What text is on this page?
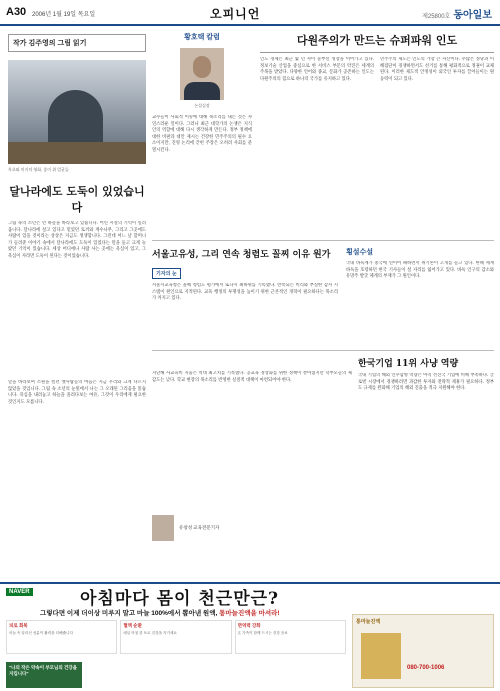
A30 2006년 1월 19일 목요일	오피니언	제25800호 동아일보
작가 김주영의 그림 읽기
흑초와 미키의 영화, 종이 위 얼굴들
달나라에도 도둑이 있었습니다
그림 속의 소년은 먼 하늘을 바라보고 있습니다. 어린 시절의 기억이 밀려옵니다. 달나라에 살고 있다고 믿었던 토끼와 계수나무, 그리고 그곳에도 사람이 있을 것이라는 상상은 지금도 생생합니다. 그런데 어느 날 할머니가 들려준 이야기 속에서 달나라에도 도둑이 있었다는 말을 듣고 크게 놀랐던 기억이 있습니다. 세상 어디에나 사람 사는 곳에는 욕심이 있고, 그 욕심이 자라면 도둑이 된다는 것이었습니다.
달을 바라보며 소원을 빌던 옛사람들의 마음은 지금 우리와 크게 다르지 않았을 것입니다. 그림 속 소년의 눈빛에서 나는 그 오래된 그리움을 읽습니다. 욕심을 내려놓고 하늘을 올려다보는 여유, 그것이 우리에게 필요한 것인지도 모릅니다.
황호택 칼럼
논설실장
교수들이 사회적 이슈에 대해 목소리를 내는 것은 자연스러운 일이다. 그러나 최근 대학가의 논쟁은 지식인의 역할에 대해 다시 생각하게 만든다. 정부 정책에 대한 비판과 대안 제시는 건강한 민주주의의 필수 요소이지만, 진영 논리에 갇힌 주장은 오히려 사회를 분열시킨다.
다원주의가 만드는 슈퍼파워 인도
인도 경제는 최근 몇 년 사이 눈부신 성장을 이어가고 있다. 정보기술 산업을 중심으로 한 서비스 부문의 약진은 세계의 주목을 받았다. 다양한 언어와 종교, 문화가 공존하는 인도는 다원주의의 힘으로 하나의 국가를 유지하고 있다.
민주주의 제도는 인도의 가장 큰 자산이다. 수많은 정당과 이해집단이 경쟁하면서도 선거를 통해 평화적으로 정권이 교체된다. 이러한 제도적 안정성이 외국인 투자를 끌어들이는 원동력이 되고 있다.
서울고유성, 그리 연속 청렴도 꼴찌 이유 원가
기자의 눈
서울시교육청은 올해 청렴도 평가에서 또다시 최하위를 기록했다. 반복되는 비리와 부실한 감사 시스템이 원인으로 지적된다. 교육 행정의 투명성을 높이기 위한 근본적인 개혁이 필요하다는 목소리가 커지고 있다.
횡설수설
국내 바둑계가 중국에 연이어 패하면서 위기론이 고개를 들고 있다. 한때 세계 바둑을 호령하던 한국 기사들이 설 자리를 잃어가고 있다. 바둑 인구의 감소와 유망주 발굴 체계의 부재가 그 원인이다.
지난해 사교육비 지출은 역대 최고치를 기록했다. 공교육 정상화를 위한 정책이 쏟아졌지만 학부모들의 체감도는 낮다. 학교 현장의 목소리를 반영한 실질적 대책이 마련되어야 한다.
유창성 교육전문기자
한국기업 11위 사냥 역량
국내 기업의 해외 인수합병 역량은 아직 선진국 기업에 비해 부족하다. 글로벌 시장에서 경쟁하려면 과감한 투자와 전략적 제휴가 필요하다. 정부도 규제를 완화해 기업의 해외 진출을 적극 지원해야 한다.
NAVER	아침마다 몸이 천근만근?
그렇다면 이제 더이상 미루지 말고 마늘 100%에서 뽑아낸 원액, 통마늘진액을 마셔라!
피로 회복
마늘 속 알리신 성분이 활력을 더해줍니다
혈액 순환
매일 아침 한 포로 건강을 지키세요
면역력 강화
온 가족이 함께 드시는 건강 음료
"나의 작은 약속이 부모님의 건강을 지킵니다"
통마늘진액
080-700-1006
